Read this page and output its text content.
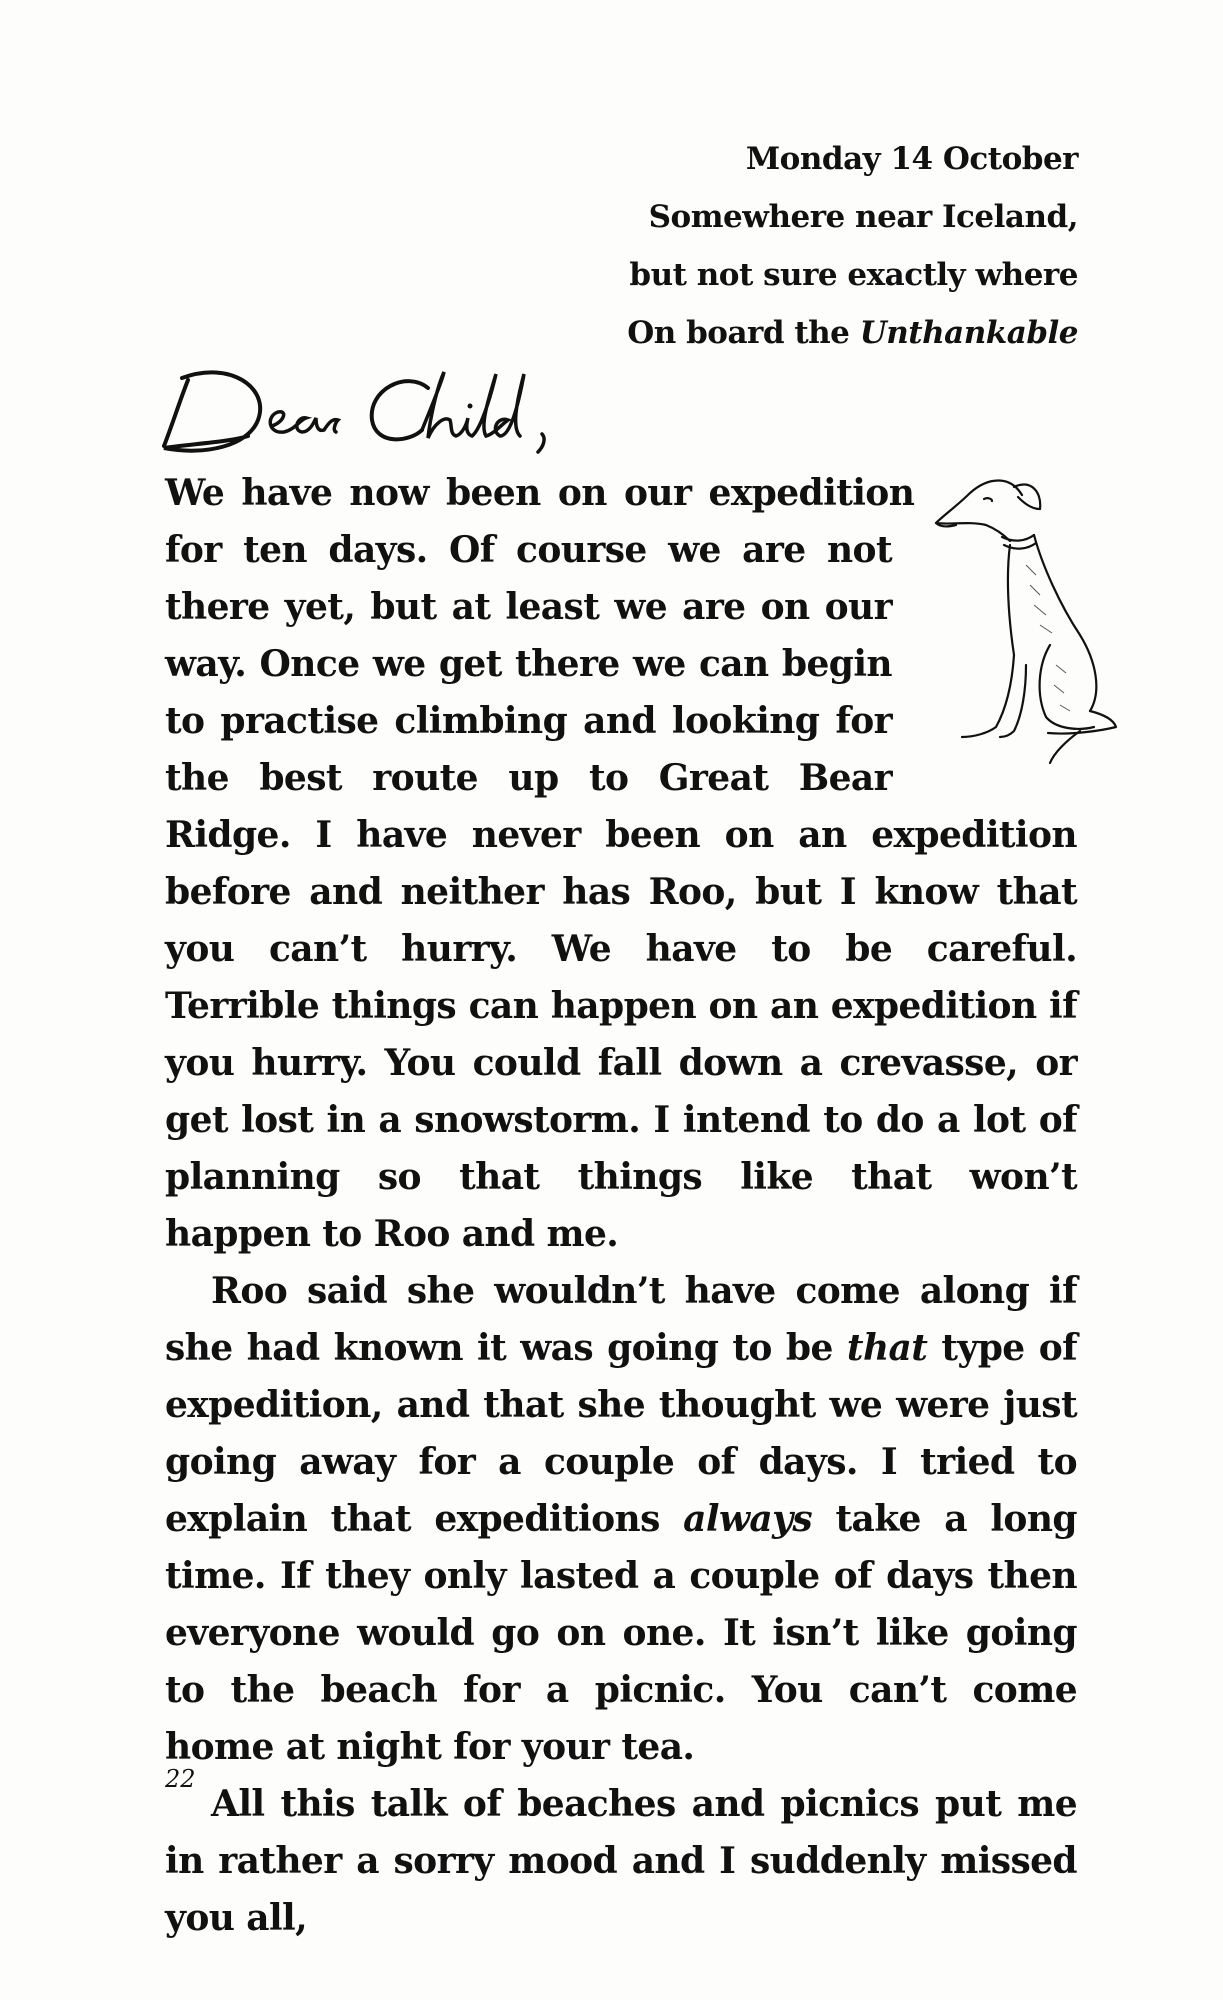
Monday 14 October
Somewhere near Iceland,
but not sure exactly where
On board the Unthankable

We have now been on our expedition for ten days. Of course we are not there yet, but at least we are on our way. Once we get there we can begin to practise climbing and looking for the best route up to Great Bear Ridge. I have never been on an expedition before and neither has Roo, but I know that you can’t hurry. We have to be careful. Terrible things can happen on an expedition if you hurry. You could fall down a crevasse, or get lost in a snowstorm. I intend to do a lot of planning so that things like that won’t happen to Roo and me.

Roo said she wouldn’t have come along if she had known it was going to be that type of expedition, and that she thought we were just going away for a couple of days. I tried to explain that expeditions always take a long time. If they only lasted a couple of days then everyone would go on one. It isn’t like going to the beach for a picnic. You can’t come home at night for your tea.

All this talk of beaches and picnics put me in rather a sorry mood and I suddenly missed you all,

22
